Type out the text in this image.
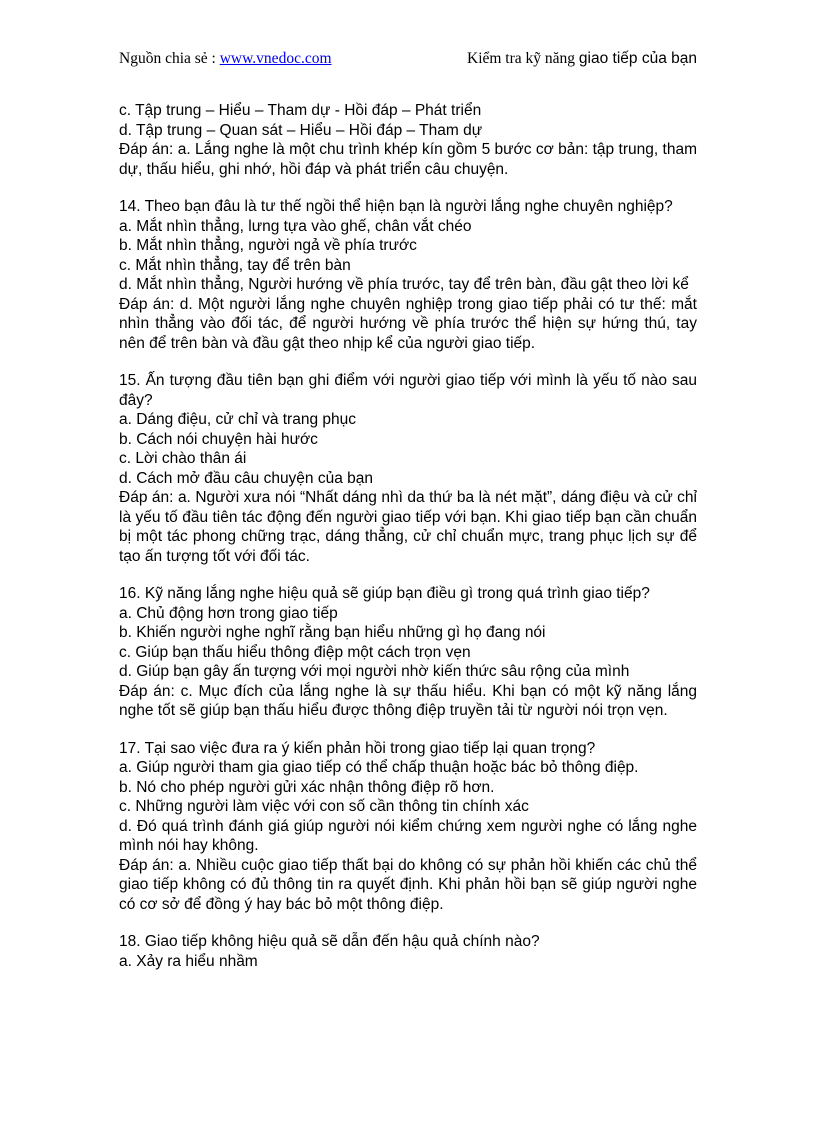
Nguồn chia sẻ : www.vnedoc.com	Kiểm tra kỹ năng giao tiếp của bạn
c. Tập trung – Hiểu – Tham dự - Hồi đáp – Phát triển
d. Tập trung – Quan sát – Hiểu – Hồi đáp – Tham dự
Đáp án: a. Lắng nghe là một chu trình khép kín gồm 5 bước cơ bản: tập trung, tham dự, thấu hiểu, ghi nhớ, hồi đáp và phát triển câu chuyện.
14. Theo bạn đâu là tư thế ngồi thể hiện bạn là người lắng nghe chuyên nghiệp?
a. Mắt nhìn thẳng, lưng tựa vào ghế, chân vắt chéo
b. Mắt nhìn thẳng, người ngả về phía trước
c. Mắt nhìn thẳng, tay để trên bàn
d. Mắt nhìn thẳng, Người hướng về phía trước, tay để trên bàn, đầu gật theo lời kể
Đáp án: d. Một người lắng nghe chuyên nghiệp trong giao tiếp phải có tư thế: mắt nhìn thẳng vào đối tác, để người hướng về phía trước thể hiện sự hứng thú, tay nên để trên bàn và đầu gật theo nhịp kể của người giao tiếp.
15. Ấn tượng đầu tiên bạn ghi điểm với người giao tiếp với mình là yếu tố nào sau đây?
a. Dáng điệu, cử chỉ và trang phục
b. Cách nói chuyện hài hước
c. Lời chào thân ái
d. Cách mở đầu câu chuyện của bạn
Đáp án: a. Người xưa nói “Nhất dáng nhì da thứ ba là nét mặt”, dáng điệu và cử chỉ là yếu tố đầu tiên tác động đến người giao tiếp với bạn. Khi giao tiếp bạn cần chuẩn bị một tác phong chững trạc, dáng thẳng, cử chỉ chuẩn mực, trang phục lịch sự để tạo ấn tượng tốt với đối tác.
16. Kỹ năng lắng nghe hiệu quả sẽ giúp bạn điều gì trong quá trình giao tiếp?
a. Chủ động hơn trong giao tiếp
b. Khiến người nghe nghĩ rằng bạn hiểu những gì họ đang nói
c. Giúp bạn thấu hiểu thông điệp một cách trọn vẹn
d. Giúp bạn gây ấn tượng với mọi người nhờ kiến thức sâu rộng của mình
Đáp án: c. Mục đích của lắng nghe là sự thấu hiểu. Khi bạn có một kỹ năng lắng nghe tốt sẽ giúp bạn thấu hiểu được thông điệp truyền tải từ người nói trọn vẹn.
17. Tại sao việc đưa ra ý kiến phản hồi trong giao tiếp lại quan trọng?
a. Giúp người tham gia giao tiếp có thể chấp thuận hoặc bác bỏ thông điệp.
b. Nó cho phép người gửi xác nhận thông điệp rõ hơn.
c. Những người làm việc với con số cần thông tin chính xác
d. Đó quá trình đánh giá giúp người nói kiểm chứng xem người nghe có lắng nghe mình nói hay không.
Đáp án: a. Nhiều cuộc giao tiếp thất bại do không có sự phản hồi khiến các chủ thể giao tiếp không có đủ thông tin ra quyết định. Khi phản hồi bạn sẽ giúp người nghe có cơ sở để đồng ý hay bác bỏ một thông điệp.
18. Giao tiếp không hiệu quả sẽ dẫn đến hậu quả chính nào?
a. Xảy ra hiểu nhầm
